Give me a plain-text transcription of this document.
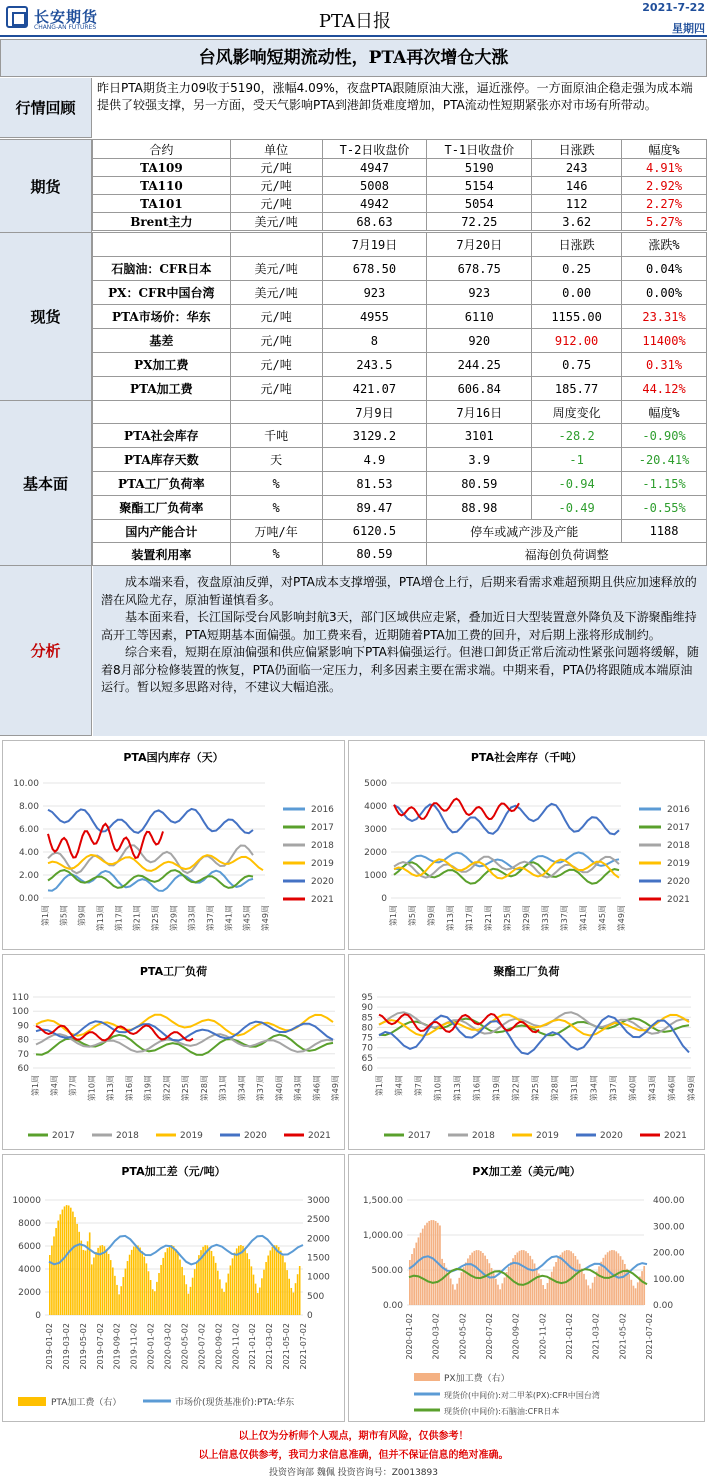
长安期货
CHANG-AN FUTURES	PTA日报
2021-7-22
星期四
台风影响短期流动性，PTA再次增仓大涨
行情回顾
昨日PTA期货主力09收于5190，涨幅4.09%，夜盘PTA跟随原油大涨，逼近涨停。一方面原油企稳走强为成本端提供了较强支撑，另一方面，受天气影响PTA到港卸货难度增加，PTA流动性短期紧张亦对市场有所带动。
期货
合约	单位	T-2日收盘价	T-1日收盘价	日涨跌	幅度%
TA109	元/吨	4947	5190	243	4.91%
TA110	元/吨	5008	5154	146	2.92%
TA101	元/吨	4942	5054	112	2.27%
Brent主力	美元/吨	68.63	72.25	3.62	5.27%
现货
		7月19日	7月20日	日涨跌	涨跌%
石脑油：CFR日本	美元/吨	678.50	678.75	0.25	0.04%
PX：CFR中国台湾	美元/吨	923	923	0.00	0.00%
PTA市场价：华东	元/吨	4955	6110	1155.00	23.31%
基差	元/吨	8	920	912.00	11400%
PX加工费	元/吨	243.5	244.25	0.75	0.31%
PTA加工费	元/吨	421.07	606.84	185.77	44.12%
基本面
		7月9日	7月16日	周度变化	幅度%
PTA社会库存	千吨	3129.2	3101	-28.2	-0.90%
PTA库存天数	天	4.9	3.9	-1	-20.41%
PTA工厂负荷率	%	81.53	80.59	-0.94	-1.15%
聚酯工厂负荷率	%	89.47	88.98	-0.49	-0.55%
国内产能合计	万吨/年	6120.5	停车或减产涉及产能		1188
装置利用率	%	80.59	福海创负荷调整		
分析

成本端来看，夜盘原油反弹，对PTA成本支撑增强，PTA增仓上行，后期来看需求难超预期且供应加速释放的潜在风险尤存，原油暂谨慎看多。

基本面来看，长江国际受台风影响封航3天，部门区域供应走紧，叠加近日大型装置意外降负及下游聚酯维持高开工等因素，PTA短期基本面偏强。加工费来看，近期随着PTA加工费的回升，对后期上涨将形成制约。

综合来看，短期在原油偏强和供应偏紧影响下PTA料偏强运行。但港口卸货正常后流动性紧张问题将缓解，随着8月部分检修装置的恢复，PTA仍面临一定压力，利多因素主要在需求端。中期来看，PTA仍将跟随成本端原油运行。暂以短多思路对待，不建议大幅追涨。

PTA国内库存（天）
0.00
2.00
4.00
6.00
8.00
10.00
第1周 第5周 第9周 第13周 第17周 第21周 第25周 第29周 第33周 第37周 第41周 第45周 第49周
2016
2017
2018
2019
2020
2021
PTA社会库存（千吨）
0
1000
2000
3000
4000
5000
第1周 第5周 第9周 第13周 第17周 第21周 第25周 第29周 第33周 第37周 第41周 第45周 第49周
2016
2017
2018
2019
2020
2021
PTA工厂负荷
60
70
80
90
100
110
第1周 第4周 第7周 第10周 第13周 第16周 第19周 第22周 第25周 第28周 第31周 第34周 第37周 第40周 第43周 第46周 第49周
2017	2018	2019	2020	2021
聚酯工厂负荷
60
65
70
75
80
85
90
95
第1周 第4周 第7周 第10周 第13周 第16周 第19周 第22周 第25周 第28周 第31周 第34周 第37周 第40周 第43周 第46周 第49周
2017	2018	2019	2020	2021
PTA加工差（元/吨）
0
2000
4000
6000
8000
10000
0
500
1000
1500
2000
2500
3000
2019-01-02 2019-03-02 2019-05-02 2019-07-02 2019-09-02 2019-11-02 2020-01-02 2020-03-02 2020-05-02 2020-07-02 2020-09-02 2020-11-02 2021-01-02 2021-03-02 2021-05-02 2021-07-02
PTA加工费（右）	市场价(现货基准价):PTA:华东
PX加工差（美元/吨）
0.00
500.00
1,000.00
1,500.00
0.00
100.00
200.00
300.00
400.00
2020-01-02 2020-03-02 2020-05-02 2020-07-02 2020-09-02 2020-11-02 2021-01-02 2021-03-02 2021-05-02 2021-07-02
PX加工费（右）
现货价(中间价):对二甲苯(PX):CFR中国台湾
现货价(中间价):石脑油:CFR日本
以上仅为分析师个人观点，期市有风险，仅供参考！
以上信息仅供参考，我司力求信息准确，但并不保证信息的绝对准确。
投资咨询部 魏佩 投资咨询号：Z0013893
